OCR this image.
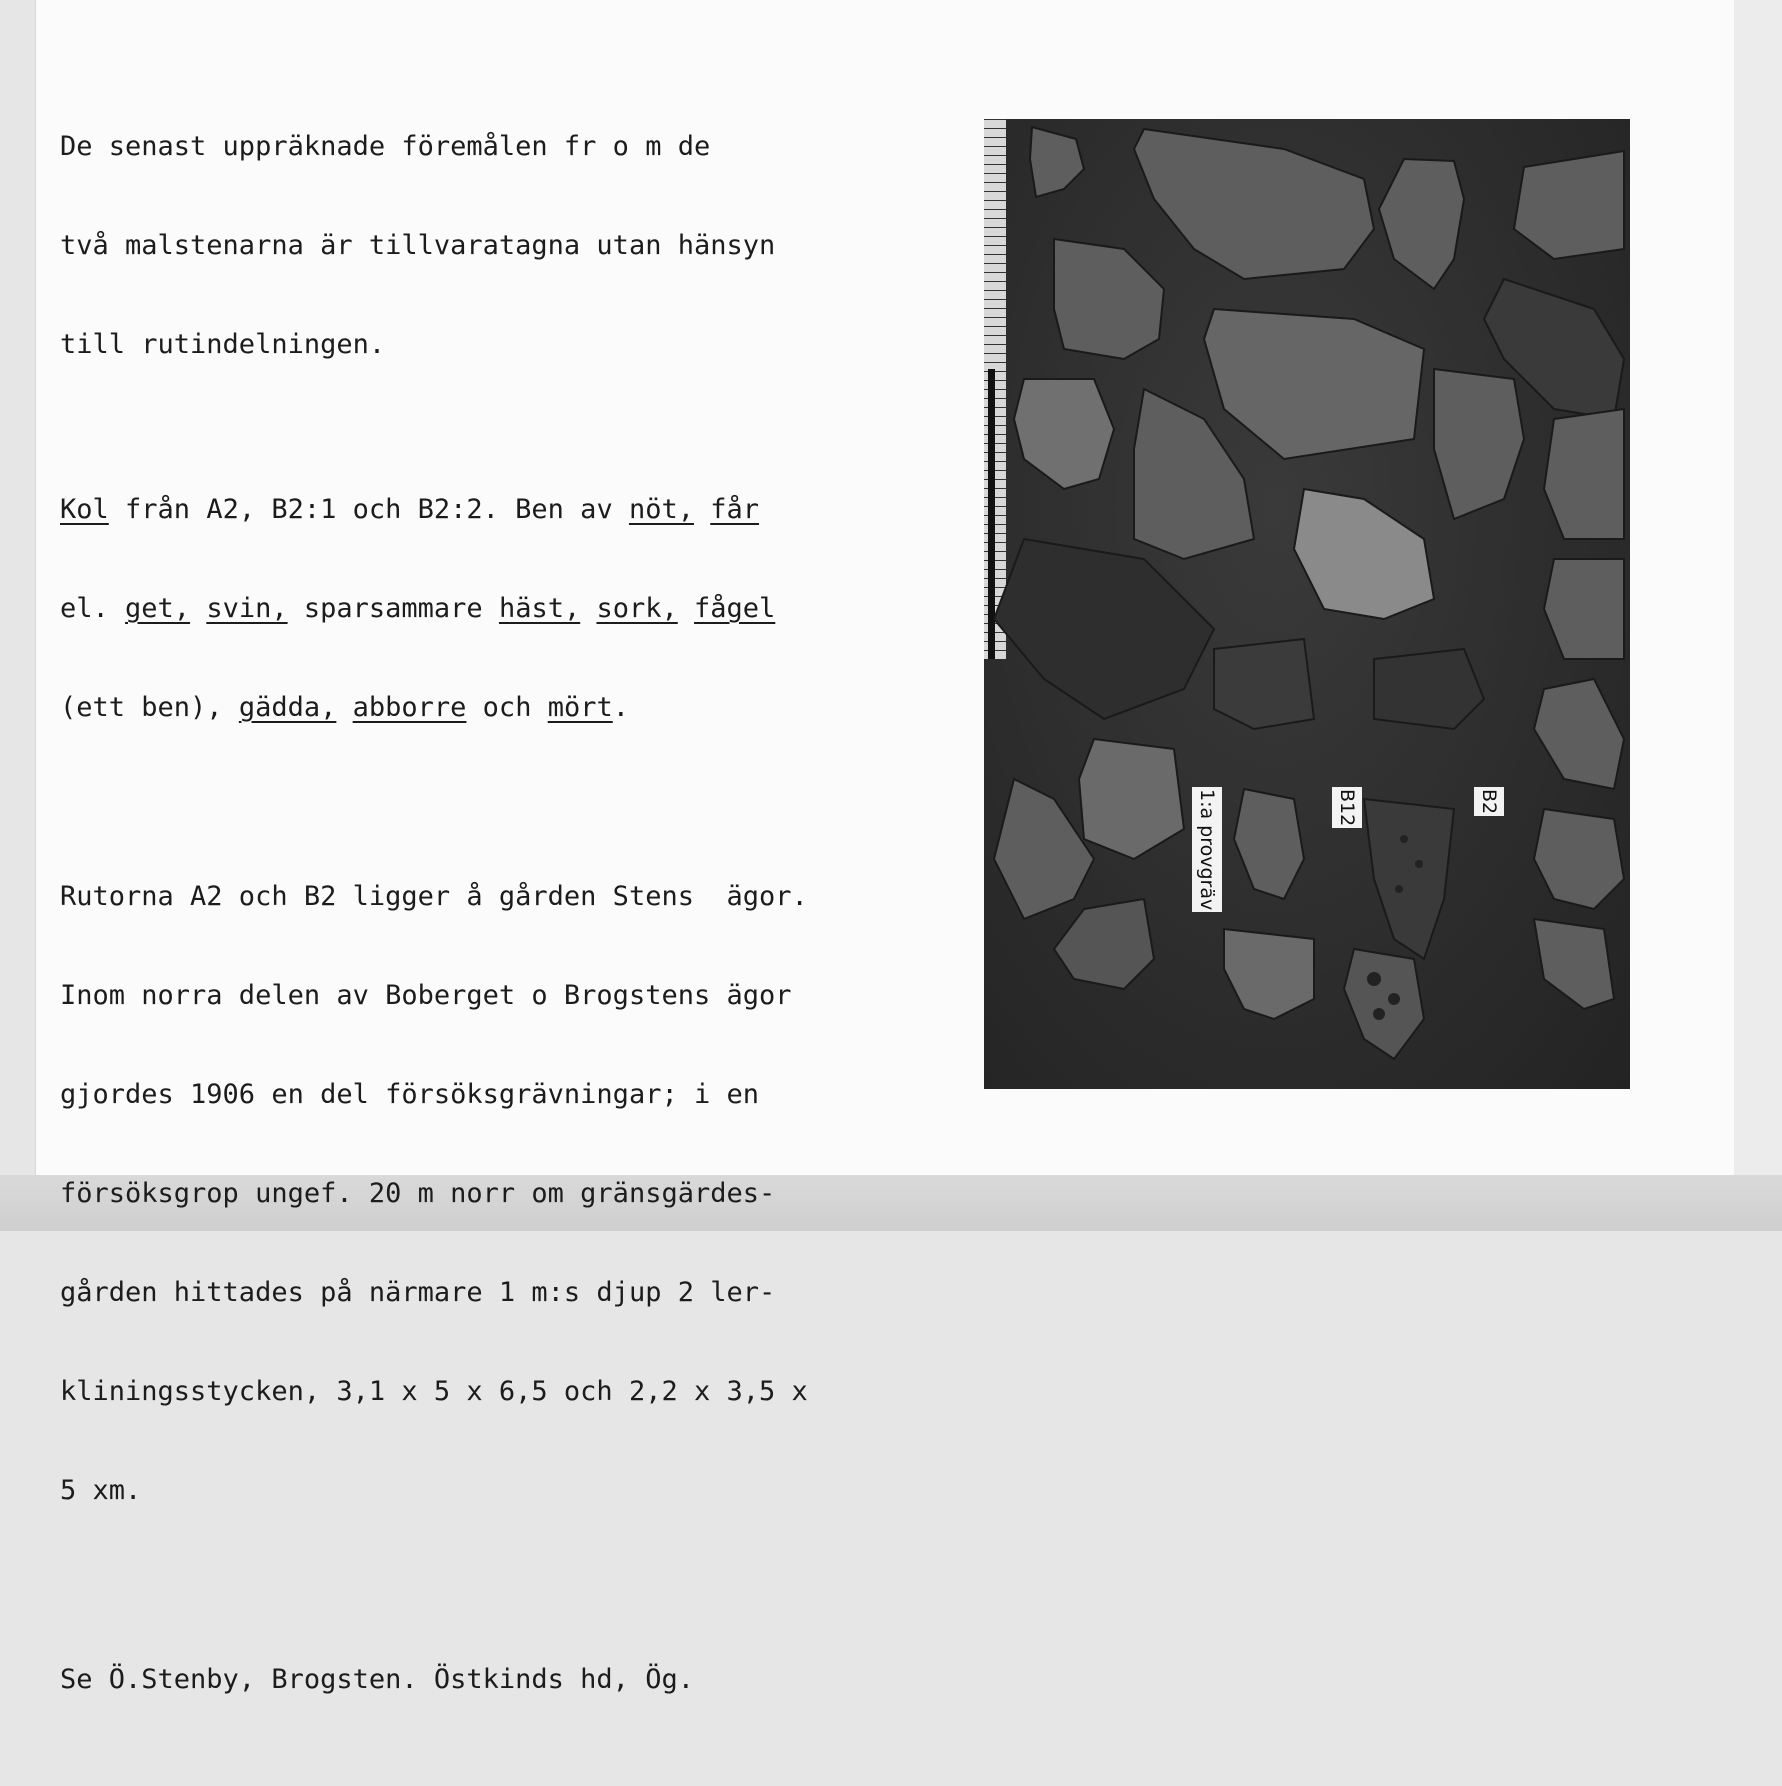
De senast uppräknade föremålen fr o m de

två malstenarna är tillvaratagna utan hänsyn

till rutindelningen.

Kol från A2, B2:1 och B2:2. Ben av nöt, får

el. get, svin, sparsammare häst, sork, fågel

(ett ben), gädda, abborre och mört.

Rutorna A2 och B2 ligger å gården Stens  ägor.

Inom norra delen av Boberget o Brogstens ägor

gjordes 1906 en del försöksgrävningar; i en

försöksgrop ungef. 20 m norr om gränsgärdes-

gården hittades på närmare 1 m:s djup 2 ler-

kliningsstycken, 3,1 x 5 x 6,5 och 2,2 x 3,5 x

5 xm.

Se Ö.Stenby, Brogsten. Östkinds hd, Ög.

1:a provgräv	B12	B2
